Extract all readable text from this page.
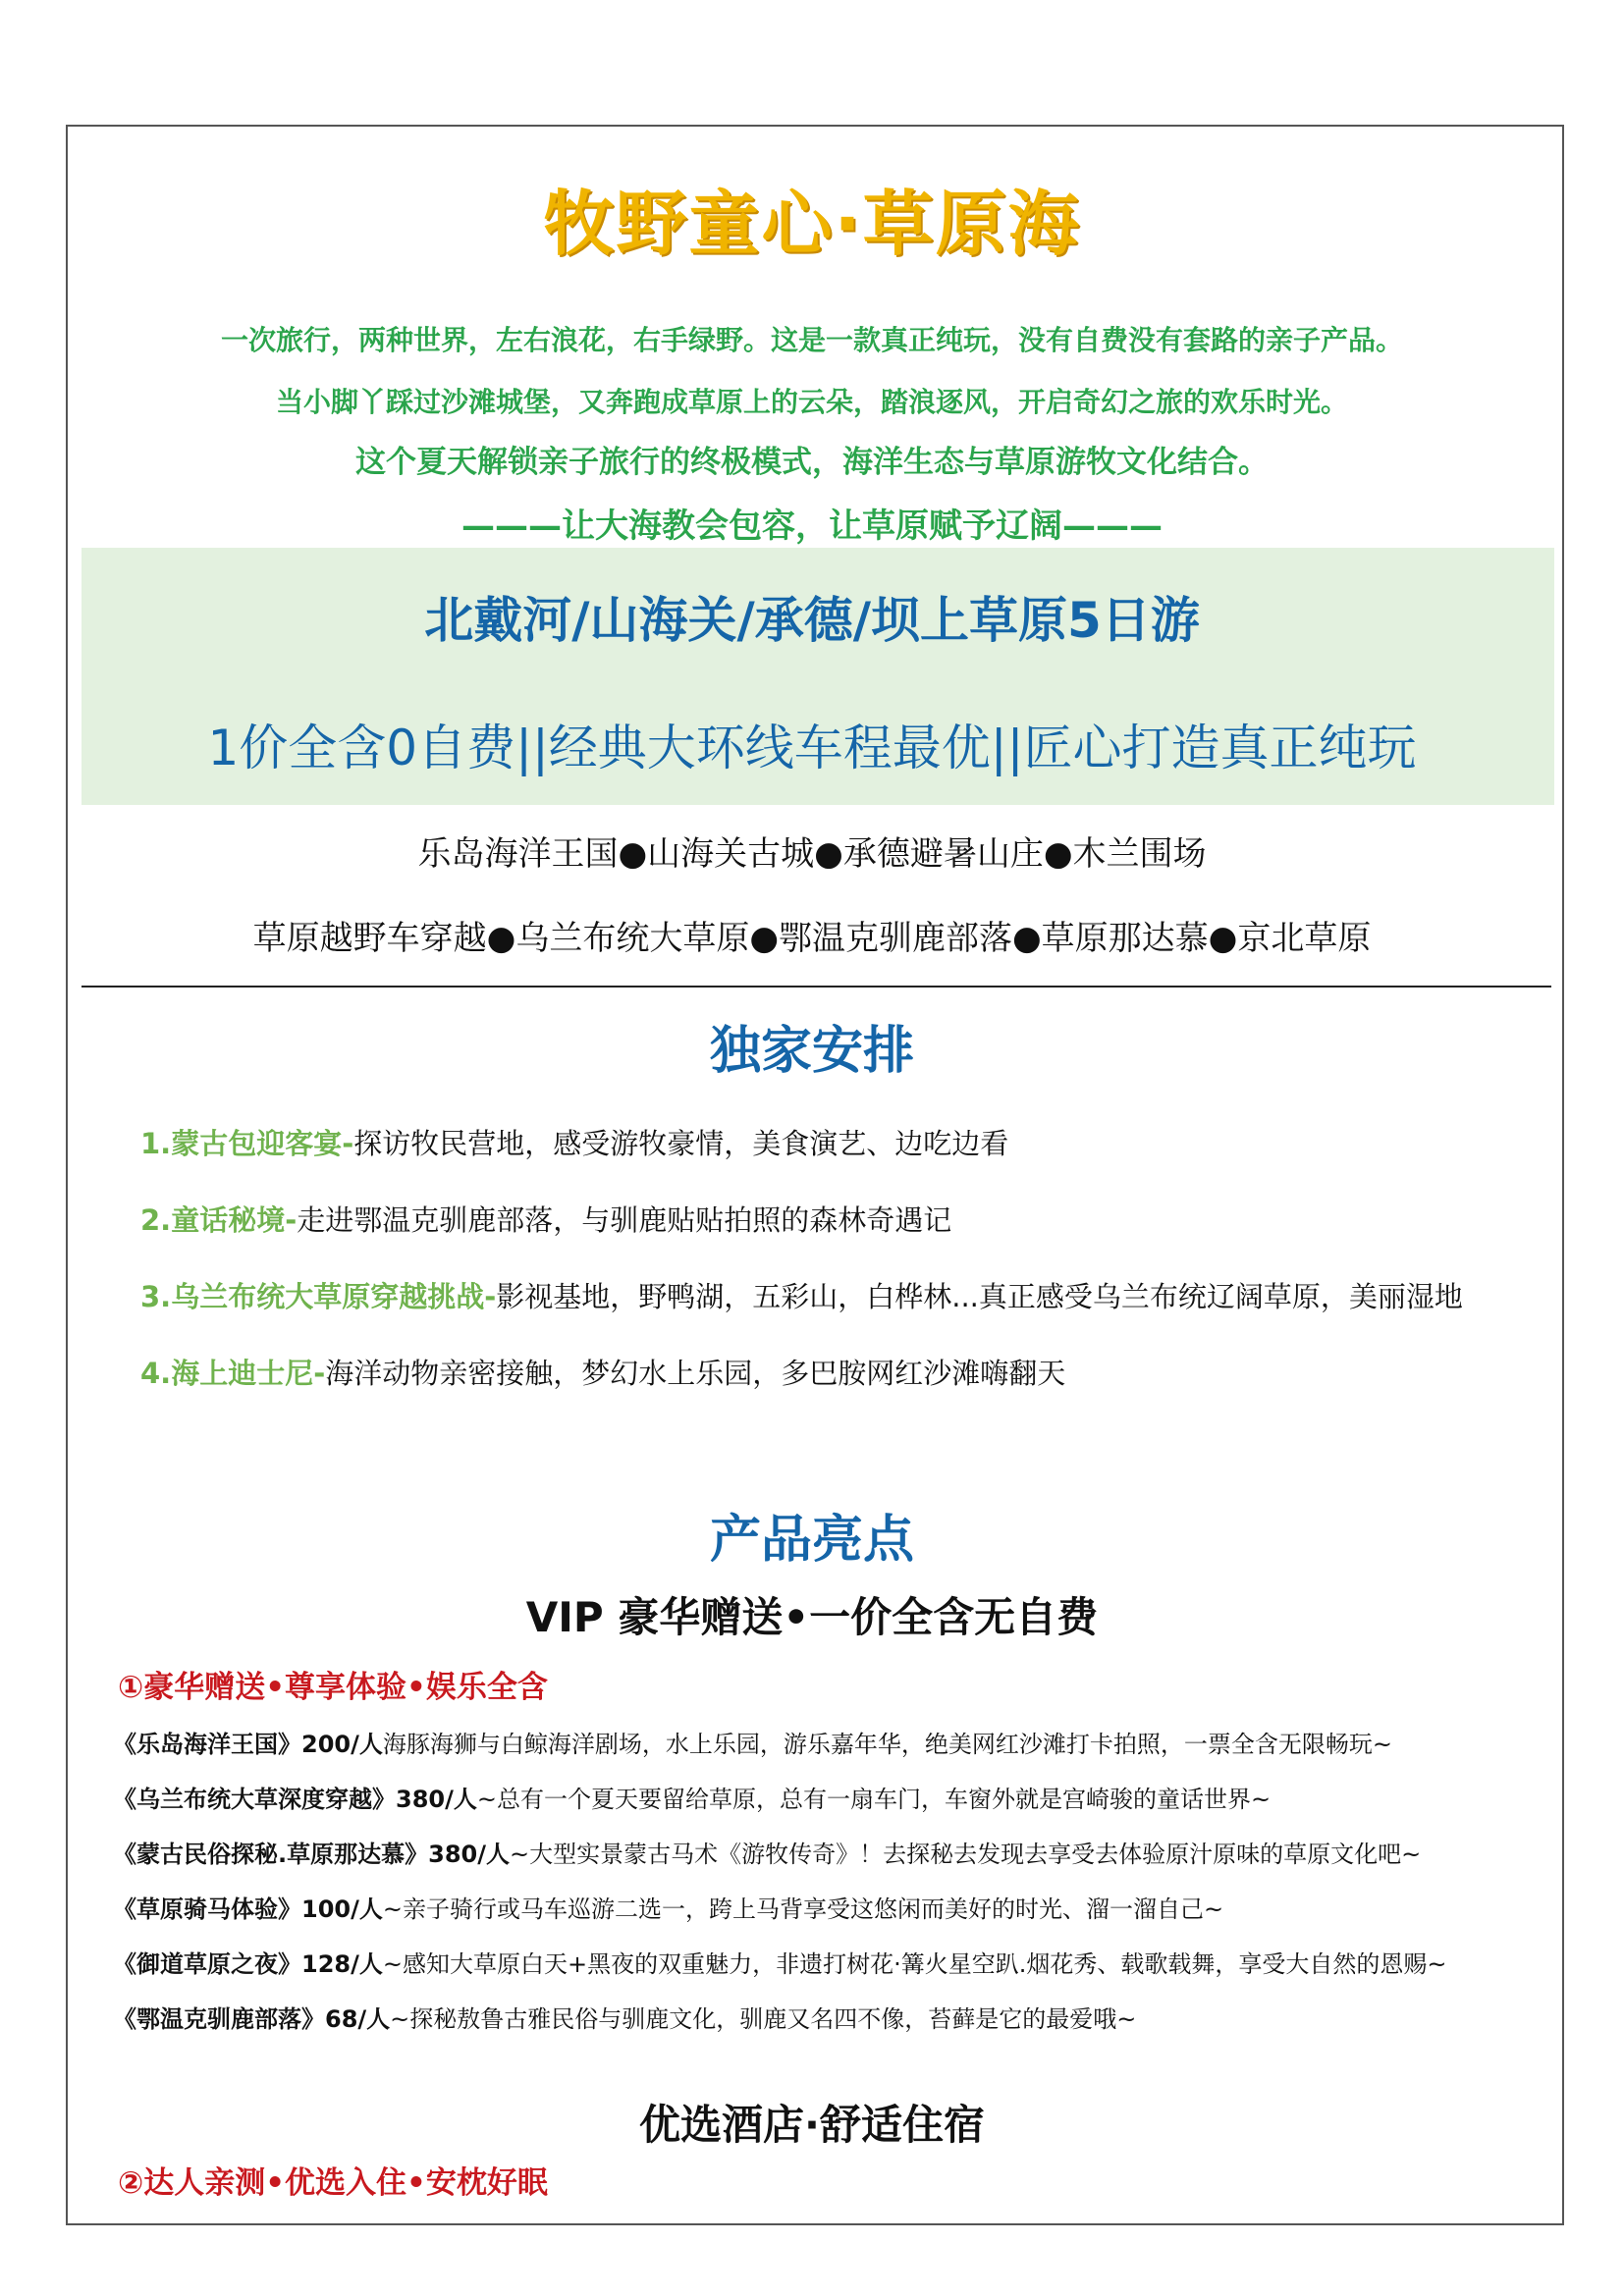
牧野童心·草原海
一次旅行，两种世界，左右浪花，右手绿野。这是一款真正纯玩，没有自费没有套路的亲子产品。
当小脚丫踩过沙滩城堡，又奔跑成草原上的云朵，踏浪逐风，开启奇幻之旅的欢乐时光。
这个夏天解锁亲子旅行的终极模式，海洋生态与草原游牧文化结合。
———让大海教会包容，让草原赋予辽阔———
北戴河/山海关/承德/坝上草原5日游
1价全含0自费||经典大环线车程最优||匠心打造真正纯玩
乐岛海洋王国●山海关古城●承德避暑山庄●木兰围场
草原越野车穿越●乌兰布统大草原●鄂温克驯鹿部落●草原那达慕●京北草原
独家安排
1.蒙古包迎客宴-探访牧民营地，感受游牧豪情，美食演艺、边吃边看
2.童话秘境-走进鄂温克驯鹿部落，与驯鹿贴贴拍照的森林奇遇记
3.乌兰布统大草原穿越挑战-影视基地，野鸭湖，五彩山，白桦林...真正感受乌兰布统辽阔草原，美丽湿地
4.海上迪士尼-海洋动物亲密接触，梦幻水上乐园，多巴胺网红沙滩嗨翻天
产品亮点
VIP 豪华赠送•一价全含无自费
①豪华赠送•尊享体验•娱乐全含
《乐岛海洋王国》200/人海豚海狮与白鲸海洋剧场，水上乐园，游乐嘉年华，绝美网红沙滩打卡拍照，一票全含无限畅玩~
《乌兰布统大草深度穿越》380/人~总有一个夏天要留给草原，总有一扇车门，车窗外就是宫崎骏的童话世界~
《蒙古民俗探秘.草原那达慕》380/人~大型实景蒙古马术《游牧传奇》！去探秘去发现去享受去体验原汁原味的草原文化吧~
《草原骑马体验》100/人~亲子骑行或马车巡游二选一，跨上马背享受这悠闲而美好的时光、溜一溜自己~
《御道草原之夜》128/人~感知大草原白天+黑夜的双重魅力，非遗打树花·篝火星空趴.烟花秀、载歌载舞，享受大自然的恩赐~
《鄂温克驯鹿部落》68/人~探秘敖鲁古雅民俗与驯鹿文化，驯鹿又名四不像，苔藓是它的最爱哦~
优选酒店·舒适住宿
②达人亲测•优选入住•安枕好眠
